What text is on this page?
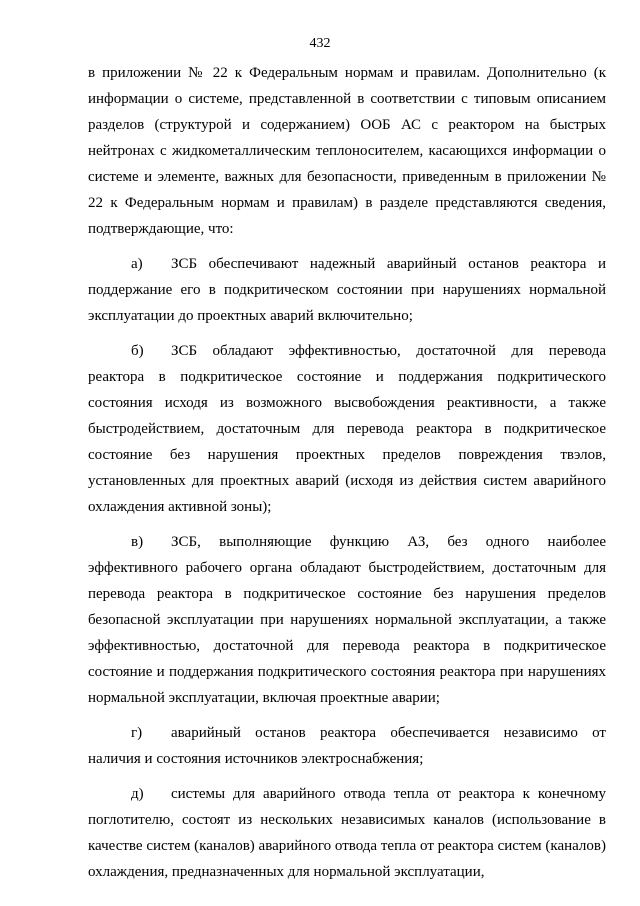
432

в приложении № 22 к Федеральным нормам и правилам. Дополнительно (к информации о системе, представленной в соответствии с типовым описанием разделов (структурой и содержанием) ООБ АС с реактором на быстрых нейтронах с жидкометаллическим теплоносителем, касающихся информации о системе и элементе, важных для безопасности, приведенным в приложении № 22 к Федеральным нормам и правилам) в разделе представляются сведения, подтверждающие, что:

а) ЗСБ обеспечивают надежный аварийный останов реактора и поддержание его в подкритическом состоянии при нарушениях нормальной эксплуатации до проектных аварий включительно;

б) ЗСБ обладают эффективностью, достаточной для перевода реактора в подкритическое состояние и поддержания подкритического состояния исходя из возможного высвобождения реактивности, а также быстродействием, достаточным для перевода реактора в подкритическое состояние без нарушения проектных пределов повреждения твэлов, установленных для проектных аварий (исходя из действия систем аварийного охлаждения активной зоны);

в) ЗСБ, выполняющие функцию АЗ, без одного наиболее эффективного рабочего органа обладают быстродействием, достаточным для перевода реактора в подкритическое состояние без нарушения пределов безопасной эксплуатации при нарушениях нормальной эксплуатации, а также эффективностью, достаточной для перевода реактора в подкритическое состояние и поддержания подкритического состояния реактора при нарушениях нормальной эксплуатации, включая проектные аварии;

г) аварийный останов реактора обеспечивается независимо от наличия и состояния источников электроснабжения;

д) системы для аварийного отвода тепла от реактора к конечному поглотителю, состоят из нескольких независимых каналов (использование в качестве систем (каналов) аварийного отвода тепла от реактора систем (каналов) охлаждения, предназначенных для нормальной эксплуатации,
